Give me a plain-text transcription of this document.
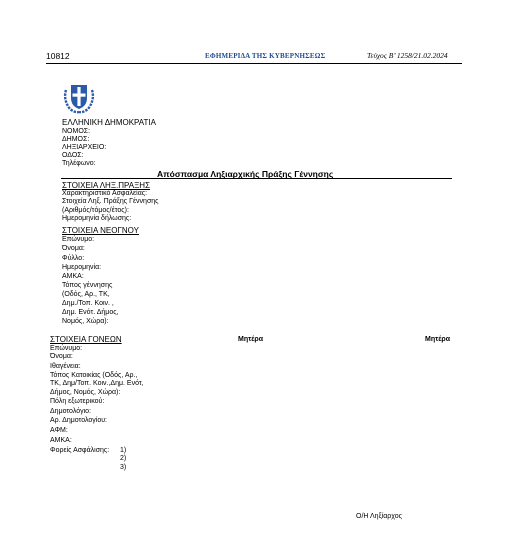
10812	ΕΦΗΜΕΡΙΔΑ ΤΗΣ ΚΥΒΕΡΝΗΣΕΩΣ	Τεύχος Β’ 1258/21.02.2024
ΕΛΛΗΝΙΚΗ ΔΗΜΟΚΡΑΤΙΑ
ΝΟΜΟΣ:
ΔΗΜΟΣ:
ΛΗΞΙΑΡΧΕΙΟ:
ΟΔΟΣ:
Τηλέφωνο:
Απόσπασμα Ληξιαρχικής Πράξης Γέννησης
ΣΤΟΙΧΕΙΑ ΛΗΞ.ΠΡΑΞΗΣ
Χαρακτηριστικό Ασφαλείας:
Στοιχεία Ληξ. Πράξης Γέννησης
(Αριθμός/τόμος/έτος):
Ημερομηνία δήλωσης:
ΣΤΟΙΧΕΙΑ ΝΕΟΓΝΟΥ
Επώνυμο:
Όνομα:
Φύλλο:
Ημερομηνία:
ΑΜΚΑ:
Τόπος γέννησης
(Οδός, Αρ., ΤΚ,
Δημ./Τοπ. Κοιν. ,
Δημ. Ενότ. Δήμος,
Νομός, Χώρα):
ΣΤΟΙΧΕΙΑ ΓΟΝΕΩΝ	Μητέρα	Μητέρα
Επώνυμο:
Όνομα:
Ιθαγένεια:
Τόπος Κατοικίας (Οδός, Αρ.,
ΤΚ, Δημ/Τοπ. Κοιν.,Δημ. Ενότ,
Δήμος, Νομός, Χώρα):
Πόλη εξωτερικού:
Δημοτολόγιο:
Αρ. Δημοτολογίου:
ΑΦΜ:
ΑΜΚΑ:
Φορείς Ασφάλισης: 1)
2)
3)
Ο/Η Ληξίαρχος
